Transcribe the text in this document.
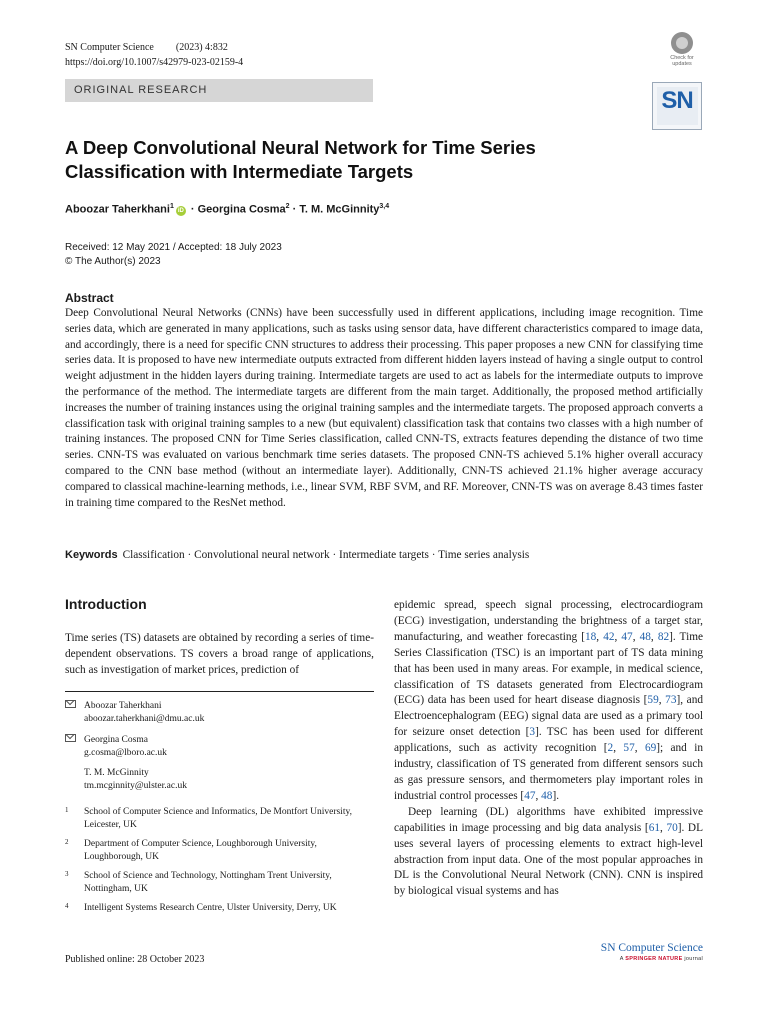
SN Computer Science (2023) 4:832
https://doi.org/10.1007/s42979-023-02159-4	Check for updates
ORIGINAL RESEARCH	SN
A Deep Convolutional Neural Network for Time Series Classification with Intermediate Targets
Aboozar Taherkhani$^1$iD · Georgina Cosma$^2$ · T. M. McGinnity$^{3,4}$
Received: 12 May 2021 / Accepted: 18 July 2023
© The Author(s) 2023
Abstract

Deep Convolutional Neural Networks (CNNs) have been successfully used in different applications, including image recognition. Time series data, which are generated in many applications, such as tasks using sensor data, have different characteristics compared to image data, and accordingly, there is a need for specific CNN structures to address their processing. This paper proposes a new CNN for classifying time series data. It is proposed to have new intermediate outputs extracted from different hidden layers instead of having a single output to control weight adjustment in the hidden layers during training. Intermediate targets are used to act as labels for the intermediate outputs to improve the performance of the method. The intermediate targets are different from the main target. Additionally, the proposed method artificially increases the number of training instances using the original training samples and the intermediate targets. The proposed approach converts a classification task with original training samples to a new (but equivalent) classification task that contains two classes with a high number of training instances. The proposed CNN for Time Series classification, called CNN-TS, extracts features depending the distance of two time series. CNN-TS was evaluated on various benchmark time series datasets. The proposed CNN-TS achieved 5.1% higher overall accuracy compared to the CNN base method (without an intermediate layer). Additionally, CNN-TS achieved 21.1% higher average accuracy compared to classical machine-learning methods, i.e., linear SVM, RBF SVM, and RF. Moreover, CNN-TS was on average 8.43 times faster in training time compared to the ResNet method.

Keywords Classification · Convolutional neural network · Intermediate targets · Time series analysis
Introduction

Time series (TS) datasets are obtained by recording a series of time-dependent observations. TS covers a broad range of applications, such as investigation of market prices, prediction of

Aboozar Taherkhani
aboozar.taherkhani@dmu.ac.uk
Georgina Cosma
g.cosma@lboro.ac.uk
T. M. McGinnity
tm.mcginnity@ulster.ac.uk
1	School of Computer Science and Informatics, De Montfort University, Leicester, UK
2	Department of Computer Science, Loughborough University, Loughborough, UK
3	School of Science and Technology, Nottingham Trent University, Nottingham, UK
4	Intelligent Systems Research Centre, Ulster University, Derry, UK

epidemic spread, speech signal processing, electrocardiogram (ECG) investigation, understanding the brightness of a target star, manufacturing, and weather forecasting [18, 42, 47, 48, 82]. Time Series Classification (TSC) is an important part of TS data mining that has been used in many areas. For example, in medical science, classification of TS datasets generated from Electrocardiogram (ECG) data has been used for heart disease diagnosis [59, 73], and Electroencephalogram (EEG) signal data are used as a primary tool for seizure onset detection [3]. TSC has been used for different applications, such as activity recognition [2, 57, 69]; and in industry, classification of TS generated from different sensors such as gas pressure sensors, and thermometers play important roles in industrial control processes [47, 48].

Deep learning (DL) algorithms have exhibited impressive capabilities in image processing and big data analysis [61, 70]. DL uses several layers of processing elements to extract high-level abstraction from input data. One of the most popular approaches in DL is the Convolutional Neural Network (CNN). CNN is inspired by biological visual systems and has

Published online: 28 October 2023
SN Computer Science
A SPRINGER NATURE journal
